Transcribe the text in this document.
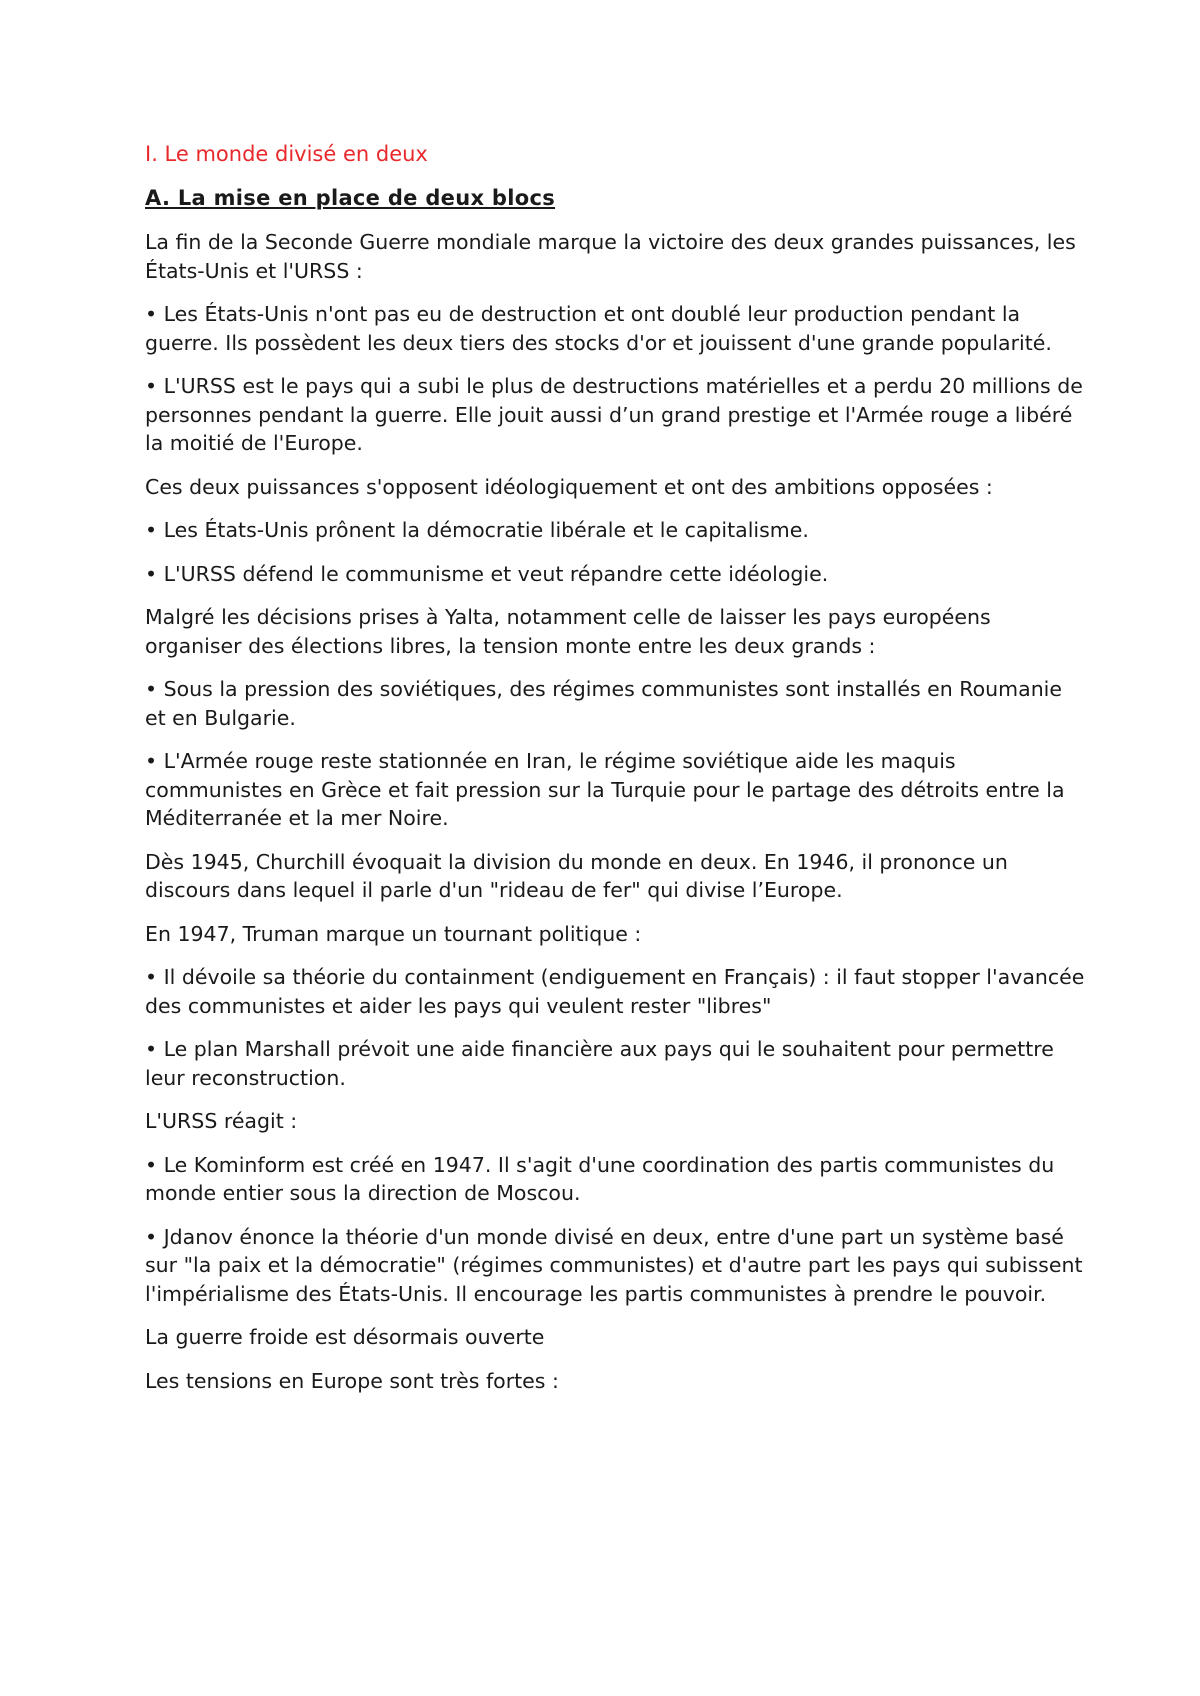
I. Le monde divisé en deux
A. La mise en place de deux blocs

La fin de la Seconde Guerre mondiale marque la victoire des deux grandes puissances, les États-Unis et l'URSS :

• Les États-Unis n'ont pas eu de destruction et ont doublé leur production pendant la guerre. Ils possèdent les deux tiers des stocks d'or et jouissent d'une grande popularité.

• L'URSS est le pays qui a subi le plus de destructions matérielles et a perdu 20 millions de personnes pendant la guerre. Elle jouit aussi d’un grand prestige et l'Armée rouge a libéré la moitié de l'Europe.

Ces deux puissances s'opposent idéologiquement et ont des ambitions opposées :

• Les États-Unis prônent la démocratie libérale et le capitalisme.

• L'URSS défend le communisme et veut répandre cette idéologie.

Malgré les décisions prises à Yalta, notamment celle de laisser les pays européens organiser des élections libres, la tension monte entre les deux grands :

• Sous la pression des soviétiques, des régimes communistes sont installés en Roumanie et en Bulgarie.

• L'Armée rouge reste stationnée en Iran, le régime soviétique aide les maquis communistes en Grèce et fait pression sur la Turquie pour le partage des détroits entre la Méditerranée et la mer Noire.

Dès 1945, Churchill évoquait la division du monde en deux. En 1946, il prononce un discours dans lequel il parle d'un "rideau de fer" qui divise l’Europe.

En 1947, Truman marque un tournant politique :

• Il dévoile sa théorie du containment (endiguement en Français) : il faut stopper l'avancée des communistes et aider les pays qui veulent rester "libres"

• Le plan Marshall prévoit une aide financière aux pays qui le souhaitent pour permettre leur reconstruction.

L'URSS réagit :

• Le Kominform est créé en 1947. Il s'agit d'une coordination des partis communistes du monde entier sous la direction de Moscou.

• Jdanov énonce la théorie d'un monde divisé en deux, entre d'une part un système basé sur "la paix et la démocratie" (régimes communistes) et d'autre part les pays qui subissent l'impérialisme des États-Unis. Il encourage les partis communistes à prendre le pouvoir.

La guerre froide est désormais ouverte

Les tensions en Europe sont très fortes :
